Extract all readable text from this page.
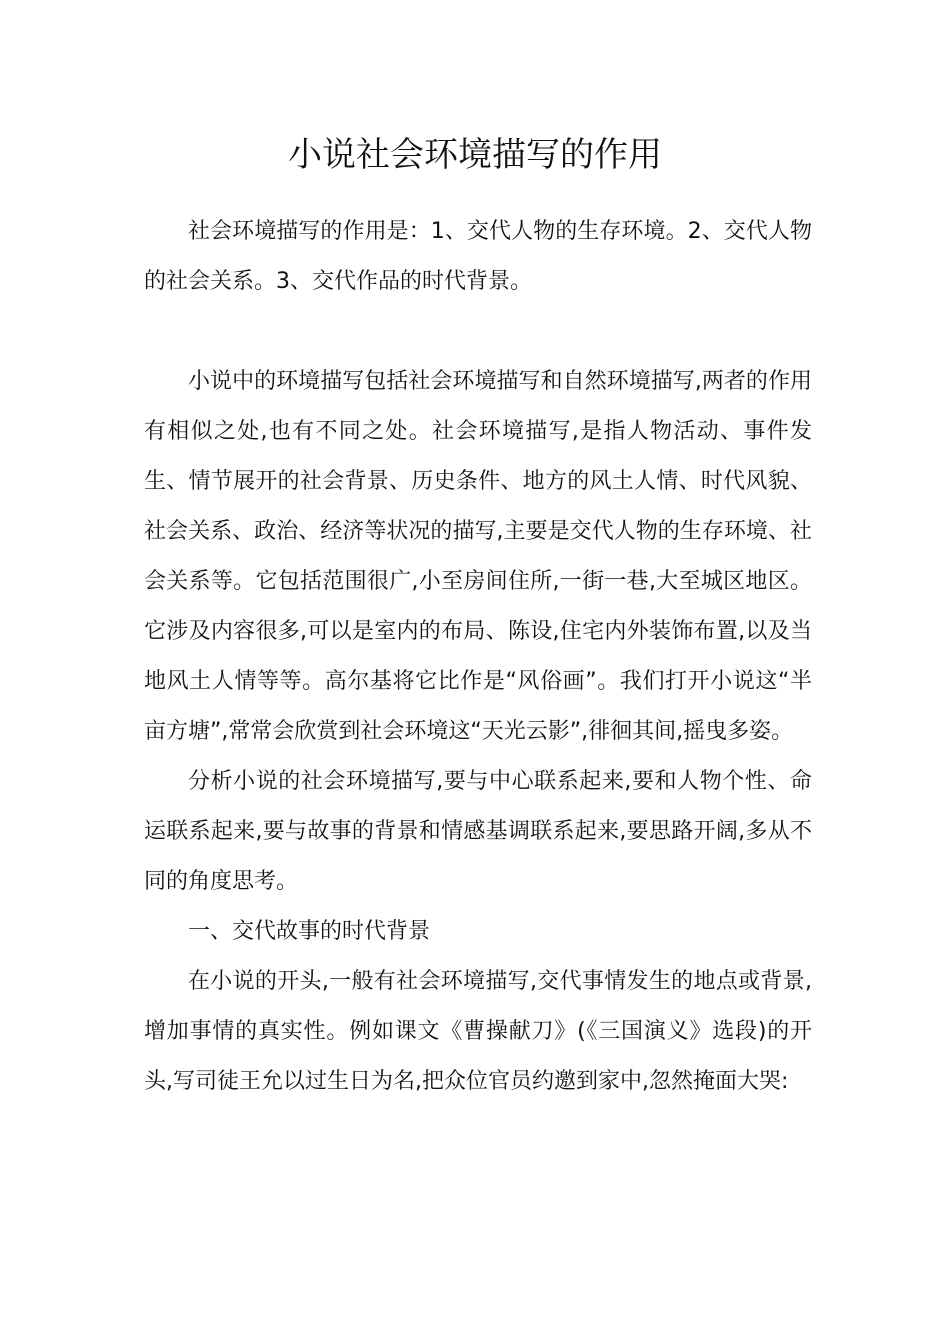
小说社会环境描写的作用

社会环境描写的作用是：1、交代人物的生存环境。2、交代人物的社会关系。3、交代作品的时代背景。

小说中的环境描写包括社会环境描写和自然环境描写,两者的作用有相似之处,也有不同之处。社会环境描写,是指人物活动、事件发生、情节展开的社会背景、历史条件、地方的风土人情、时代风貌、社会关系、政治、经济等状况的描写,主要是交代人物的生存环境、社会关系等。它包括范围很广,小至房间住所,一街一巷,大至城区地区。它涉及内容很多,可以是室内的布局、陈设,住宅内外装饰布置,以及当地风土人情等等。高尔基将它比作是“风俗画”。我们打开小说这“半亩方塘”,常常会欣赏到社会环境这“天光云影”,徘徊其间,摇曳多姿。

分析小说的社会环境描写,要与中心联系起来,要和人物个性、命运联系起来,要与故事的背景和情感基调联系起来,要思路开阔,多从不同的角度思考。

一、交代故事的时代背景

在小说的开头,一般有社会环境描写,交代事情发生的地点或背景,增加事情的真实性。例如课文《曹操献刀》(《三国演义》选段)的开头,写司徒王允以过生日为名,把众位官员约邀到家中,忽然掩面大哭:
